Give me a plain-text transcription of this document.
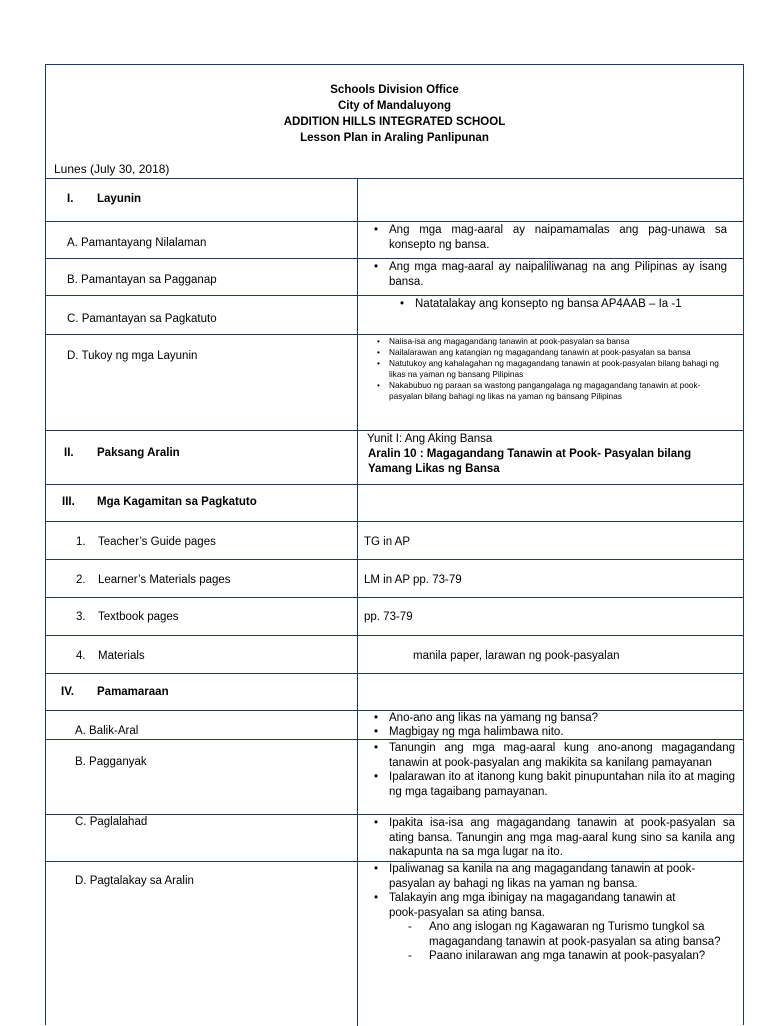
Schools Division Office
City of Mandaluyong
ADDITION HILLS INTEGRATED SCHOOL
Lesson Plan in Araling Panlipunan
Lunes (July 30, 2018)
I. Layunin
A. Pamantayang Nilalaman
• Ang mga mag-aaral ay naipamamalas ang pag-unawa sa konsepto ng bansa.
B. Pamantayan sa Pagganap
• Ang mga mag-aaral ay naipaliliwanag na ang Pilipinas ay isang bansa.
C. Pamantayan sa Pagkatuto
• Natatalakay ang konsepto ng bansa AP4AAB – Ia -1
D. Tukoy ng mga Layunin
• Naiisa-isa ang magagandang tanawin at pook-pasyalan sa bansa
• Nailalarawan ang katangian ng magagandang tanawin at pook-pasyalan sa bansa
• Natutukoy ang kahalagahan ng magagandang tanawin at pook-pasyalan bilang bahagi ng likas na yaman ng bansang Pilipinas
• Nakabubuo ng paraan sa wastong pangangalaga ng magagandang tanawin at pook-pasyalan bilang bahagi ng likas na yaman ng bansang Pilipinas
II. Paksang Aralin
Yunit I: Ang Aking Bansa
Aralin 10 : Magagandang Tanawin at Pook- Pasyalan bilang Yamang Likas ng Bansa
III. Mga Kagamitan sa Pagkatuto
1. Teacher’s Guide pages	TG in AP
2. Learner’s Materials pages	LM in AP pp. 73-79
3. Textbook pages	pp. 73-79
4. Materials	manila paper, larawan ng pook-pasyalan
IV. Pamamaraan
A. Balik-Aral
• Ano-ano ang likas na yamang ng bansa?
• Magbigay ng mga halimbawa nito.
B. Pagganyak
• Tanungin ang mga mag-aaral kung ano-anong magagandang tanawin at pook-pasyalan ang makikita sa kanilang pamayanan
• Ipalarawan ito at itanong kung bakit pinupuntahan nila ito at maging ng mga tagaibang pamayanan.
C. Paglalahad
•	Ipakita isa-isa ang magagandang tanawin at pook-pasyalan sa ating bansa. Tanungin ang mga mag-aaral kung sino sa kanila ang nakapunta na sa mga lugar na ito.
D. Pagtalakay sa Aralin
• Ipaliwanag sa kanila na ang magagandang tanawin at pook-pasyalan ay bahagi ng likas na yaman ng bansa.
• Talakayin ang mga ibinigay na magagandang tanawin at pook-pasyalan sa ating bansa.
- Ano ang islogan ng Kagawaran ng Turismo tungkol sa magagandang tanawin at pook-pasyalan sa ating bansa?
- Paano inilarawan ang mga tanawin at pook-pasyalan?
